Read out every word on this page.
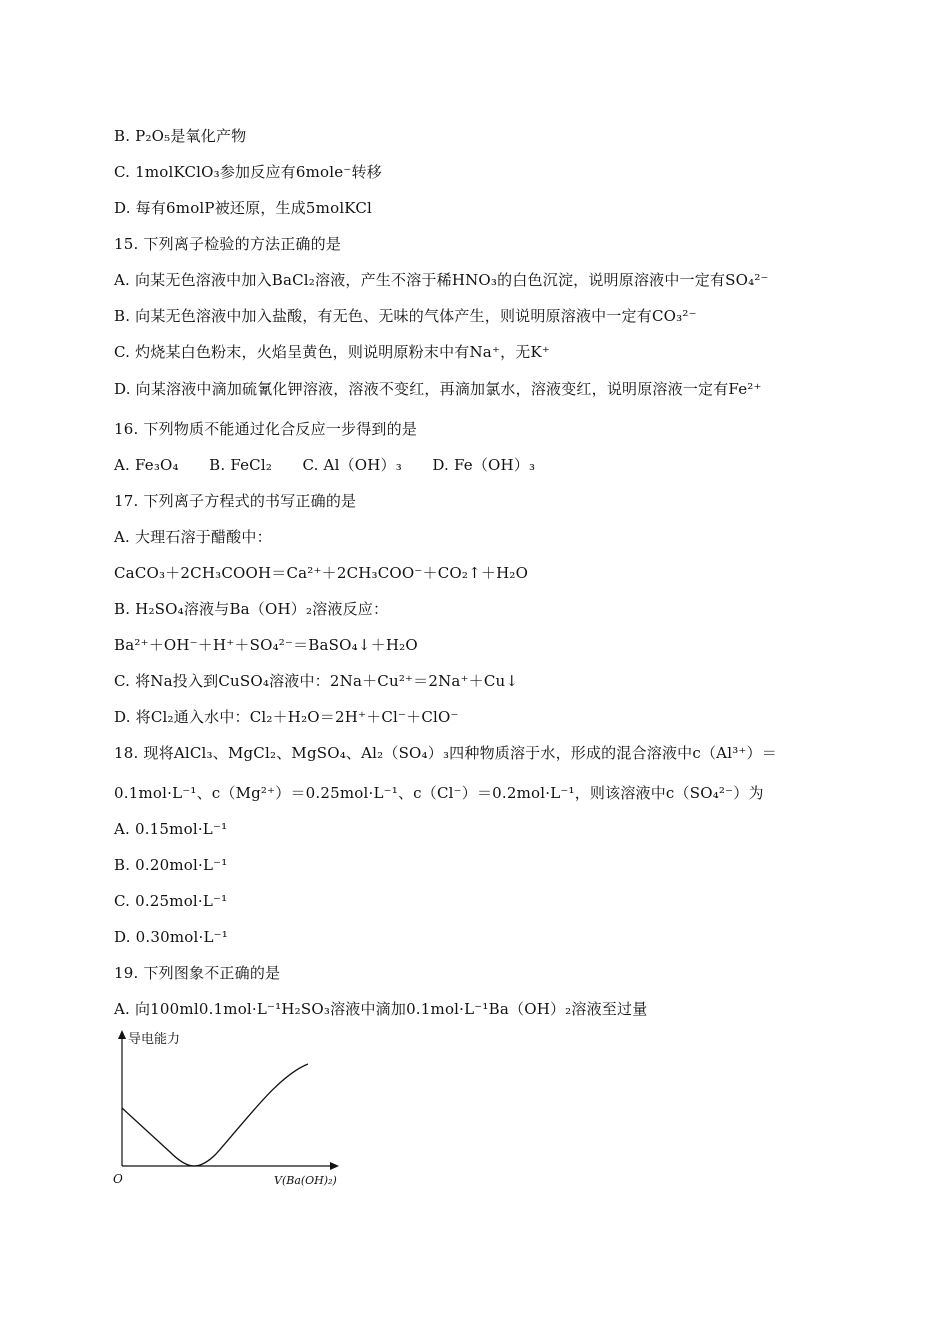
B. P₂O₅是氧化产物
C. 1molKClO₃参加反应有6mole⁻转移
D. 每有6molP被还原，生成5molKCl
15. 下列离子检验的方法正确的是
A. 向某无色溶液中加入BaCl₂溶液，产生不溶于稀HNO₃的白色沉淀，说明原溶液中一定有SO₄²⁻
B. 向某无色溶液中加入盐酸，有无色、无味的气体产生，则说明原溶液中一定有CO₃²⁻
C. 灼烧某白色粉末，火焰呈黄色，则说明原粉末中有Na⁺，无K⁺
D. 向某溶液中滴加硫氰化钾溶液，溶液不变红，再滴加氯水，溶液变红，说明原溶液一定有Fe²⁺
16. 下列物质不能通过化合反应一步得到的是
A. Fe₃O₄　　B. FeCl₂　　C. Al（OH）₃　　D. Fe（OH）₃
17. 下列离子方程式的书写正确的是
A. 大理石溶于醋酸中：
CaCO₃＋2CH₃COOH＝Ca²⁺＋2CH₃COO⁻＋CO₂↑＋H₂O
B. H₂SO₄溶液与Ba（OH）₂溶液反应：
Ba²⁺＋OH⁻＋H⁺＋SO₄²⁻＝BaSO₄↓＋H₂O
C. 将Na投入到CuSO₄溶液中：2Na＋Cu²⁺＝2Na⁺＋Cu↓
D. 将Cl₂通入水中：Cl₂＋H₂O＝2H⁺＋Cl⁻＋ClO⁻
18. 现将AlCl₃、MgCl₂、MgSO₄、Al₂（SO₄）₃四种物质溶于水，形成的混合溶液中c（Al³⁺）＝
0.1mol·L⁻¹、c（Mg²⁺）＝0.25mol·L⁻¹、c（Cl⁻）＝0.2mol·L⁻¹，则该溶液中c（SO₄²⁻）为
A. 0.15mol·L⁻¹
B. 0.20mol·L⁻¹
C. 0.25mol·L⁻¹
D. 0.30mol·L⁻¹
19. 下列图象不正确的是
A. 向100ml0.1mol·L⁻¹H₂SO₃溶液中滴加0.1mol·L⁻¹Ba（OH）₂溶液至过量
导电能力
O	V(Ba(OH)₂)
